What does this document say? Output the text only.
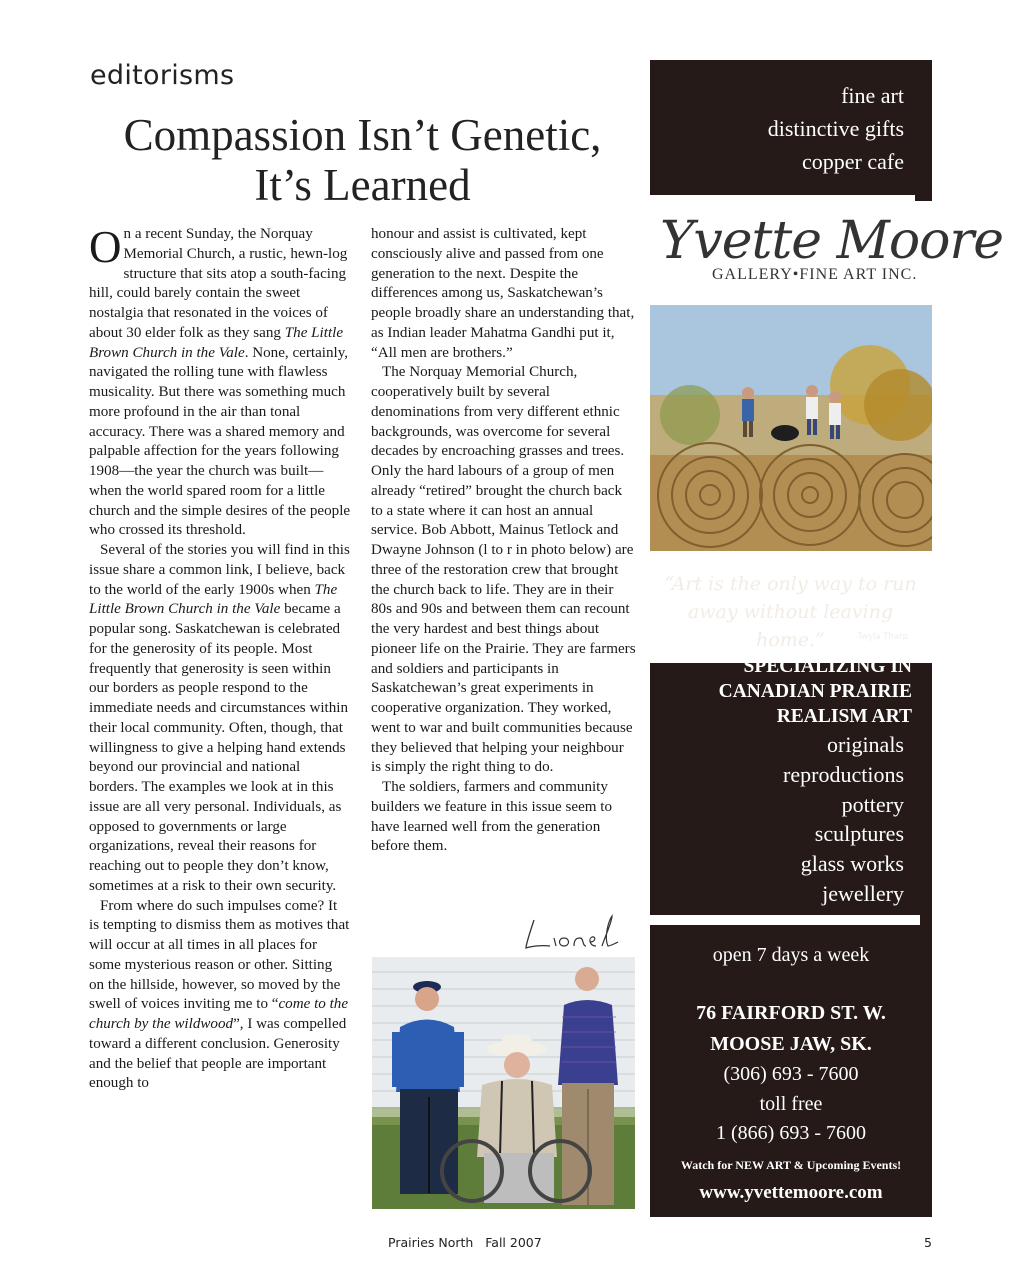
editorisms
Compassion Isn’t Genetic,
It’s Learned

On a recent Sunday, the Norquay Memorial Church, a rustic, hewn-log structure that sits atop a south-facing hill, could barely contain the sweet nostalgia that resonated in the voices of about 30 elder folk as they sang The Little Brown Church in the Vale. None, certainly, navigated the rolling tune with flawless musicality. But there was something much more profound in the air than tonal accuracy. There was a shared memory and palpable affection for the years following 1908—the year the church was built—when the world spared room for a little church and the simple desires of the people who crossed its threshold.

Several of the stories you will find in this issue share a common link, I believe, back to the world of the early 1900s when The Little Brown Church in the Vale became a popular song. Saskatchewan is celebrated for the generosity of its people. Most frequently that generosity is seen within our borders as people respond to the immediate needs and circumstances within their local community. Often, though, that willingness to give a helping hand extends beyond our provincial and national borders. The examples we look at in this issue are all very personal. Individuals, as opposed to governments or large organizations, reveal their reasons for reaching out to people they don’t know, sometimes at a risk to their own security.

From where do such impulses come? It is tempting to dismiss them as motives that will occur at all times in all places for some mysterious reason or other. Sitting on the hillside, however, so moved by the swell of voices inviting me to “come to the church by the wildwood”, I was compelled toward a different conclusion. Generosity and the belief that people are important enough to

honour and assist is cultivated, kept consciously alive and passed from one generation to the next. Despite the differences among us, Saskatchewan’s people broadly share an understanding that, as Indian leader Mahatma Gandhi put it, “All men are brothers.”

The Norquay Memorial Church, cooperatively built by several denominations from very different ethnic backgrounds, was overcome for several decades by encroaching grasses and trees. Only the hard labours of a group of men already “retired” brought the church back to a state where it can host an annual service. Bob Abbott, Mainus Tetlock and Dwayne Johnson (l to r in photo below) are three of the restoration crew that brought the church back to life. They are in their 80s and 90s and between them can recount the very hardest and best things about pioneer life on the Prairie. They are farmers and soldiers and participants in Saskatchewan’s great experiments in cooperative organization. They worked, went to war and built communities because they believed that helping your neighbour is simply the right thing to do.

The soldiers, farmers and community builders we feature in this issue seem to have learned well from the generation before them.

Prairies North   Fall 2007	5
fine art
distinctive gifts
copper cafe
Yvette Moore
GALLERY•FINE ART INC.
“Art is the only way to run away without leaving home.”	-Twyla Tharp
SPECIALIZING IN
CANADIAN PRAIRIE
REALISM ART
originals
reproductions
pottery
sculptures
glass works
jewellery
open 7 days a week
76 FAIRFORD ST. W.
MOOSE JAW, SK.
(306) 693 - 7600
toll free
1 (866) 693 - 7600
Watch for NEW ART & Upcoming Events!
www.yvettemoore.com
